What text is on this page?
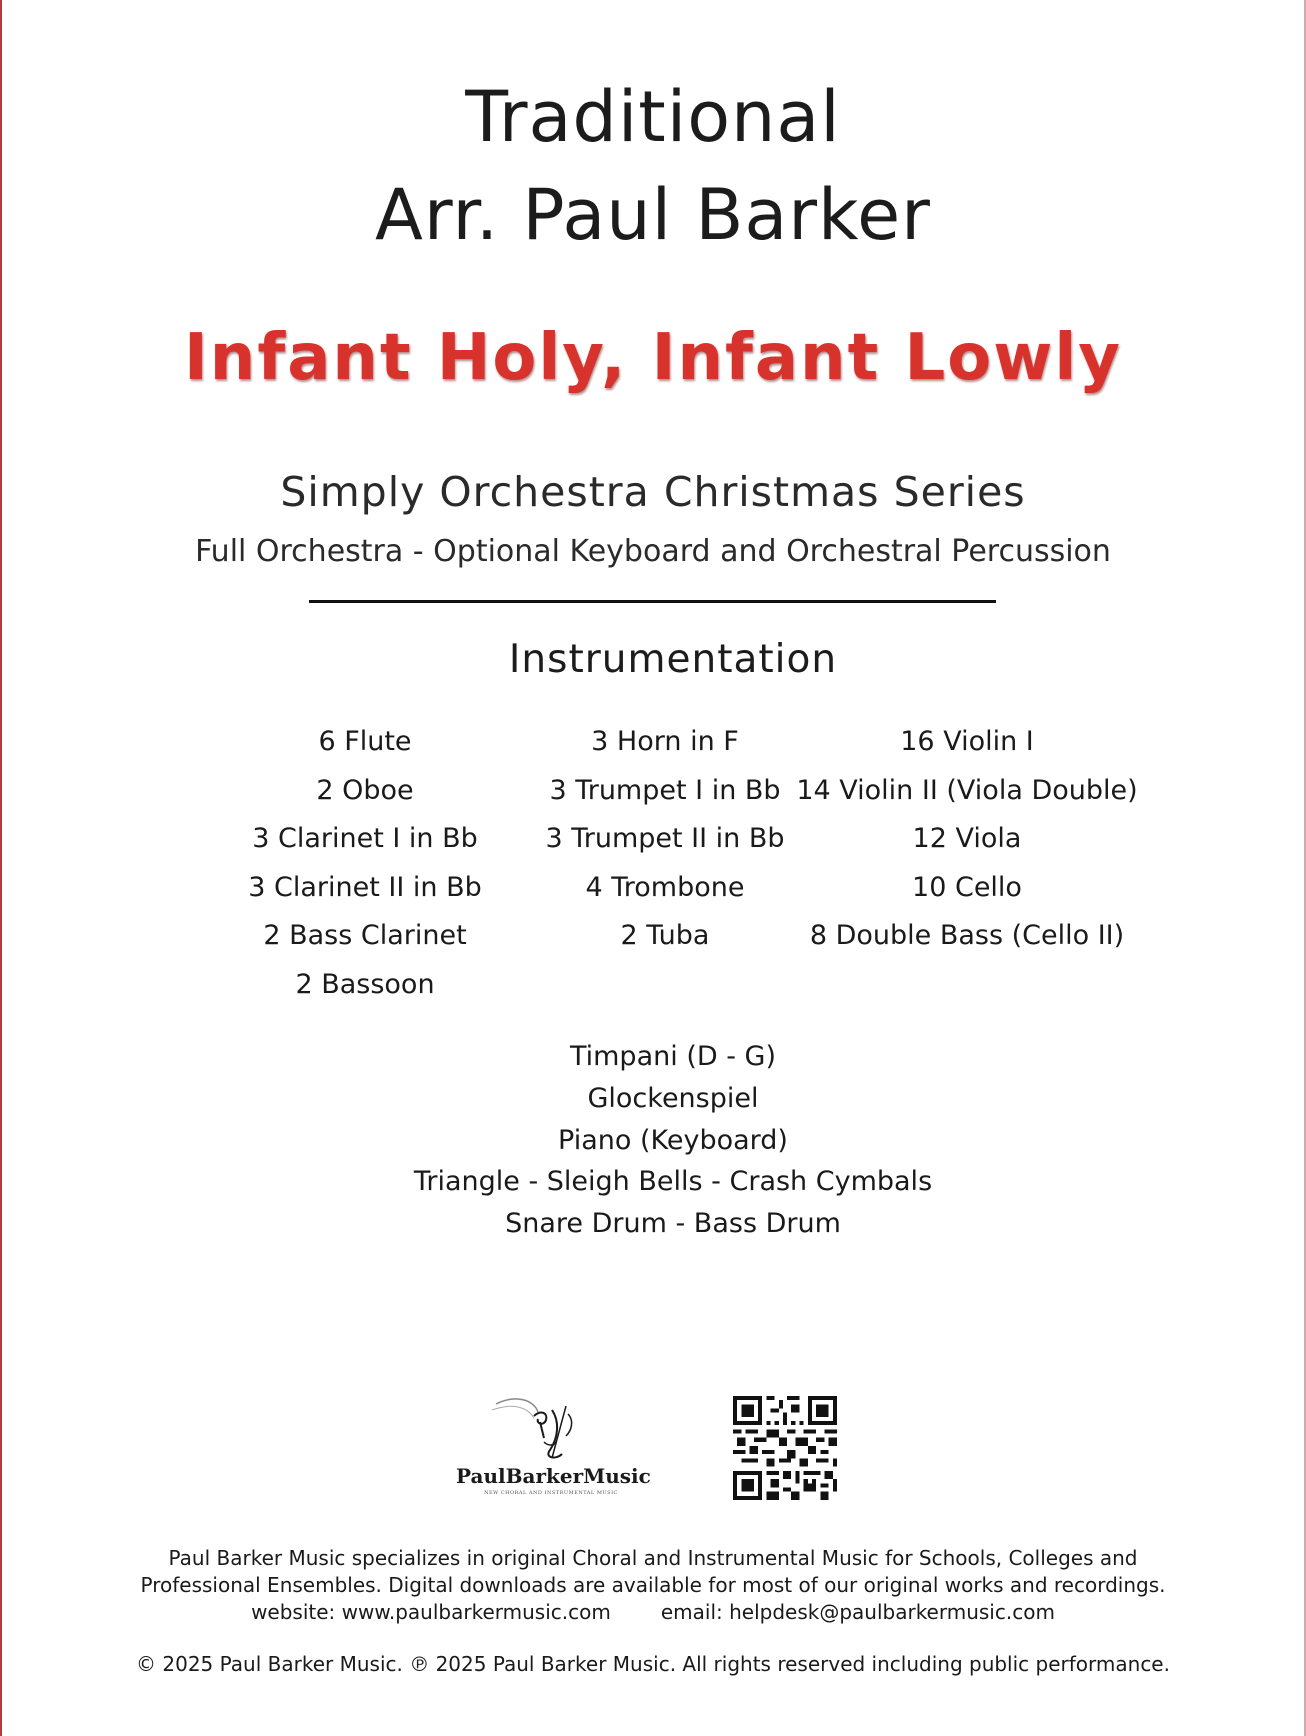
Traditional
Arr. Paul Barker
Infant Holy, Infant Lowly
Simply Orchestra Christmas Series
Full Orchestra - Optional Keyboard and Orchestral Percussion
Instrumentation
6 Flute
2 Oboe
3 Clarinet I in Bb
3 Clarinet II in Bb
2 Bass Clarinet
2 Bassoon
3 Horn in F
3 Trumpet I in Bb
3 Trumpet II in Bb
4 Trombone
2 Tuba
16 Violin I
14 Violin II (Viola Double)
12 Viola
10 Cello
8 Double Bass (Cello II)
Timpani (D - G)
Glockenspiel
Piano (Keyboard)
Triangle - Sleigh Bells - Crash Cymbals
Snare Drum - Bass Drum
PaulBarkerMusic
NEW CHORAL AND INSTRUMENTAL MUSIC
Paul Barker Music specializes in original Choral and Instrumental Music for Schools, Colleges and
Professional Ensembles. Digital downloads are available for most of our original works and recordings.
website: www.paulbarkermusic.com	email: helpdesk@paulbarkermusic.com
© 2025 Paul Barker Music. ℗ 2025 Paul Barker Music. All rights reserved including public performance.
